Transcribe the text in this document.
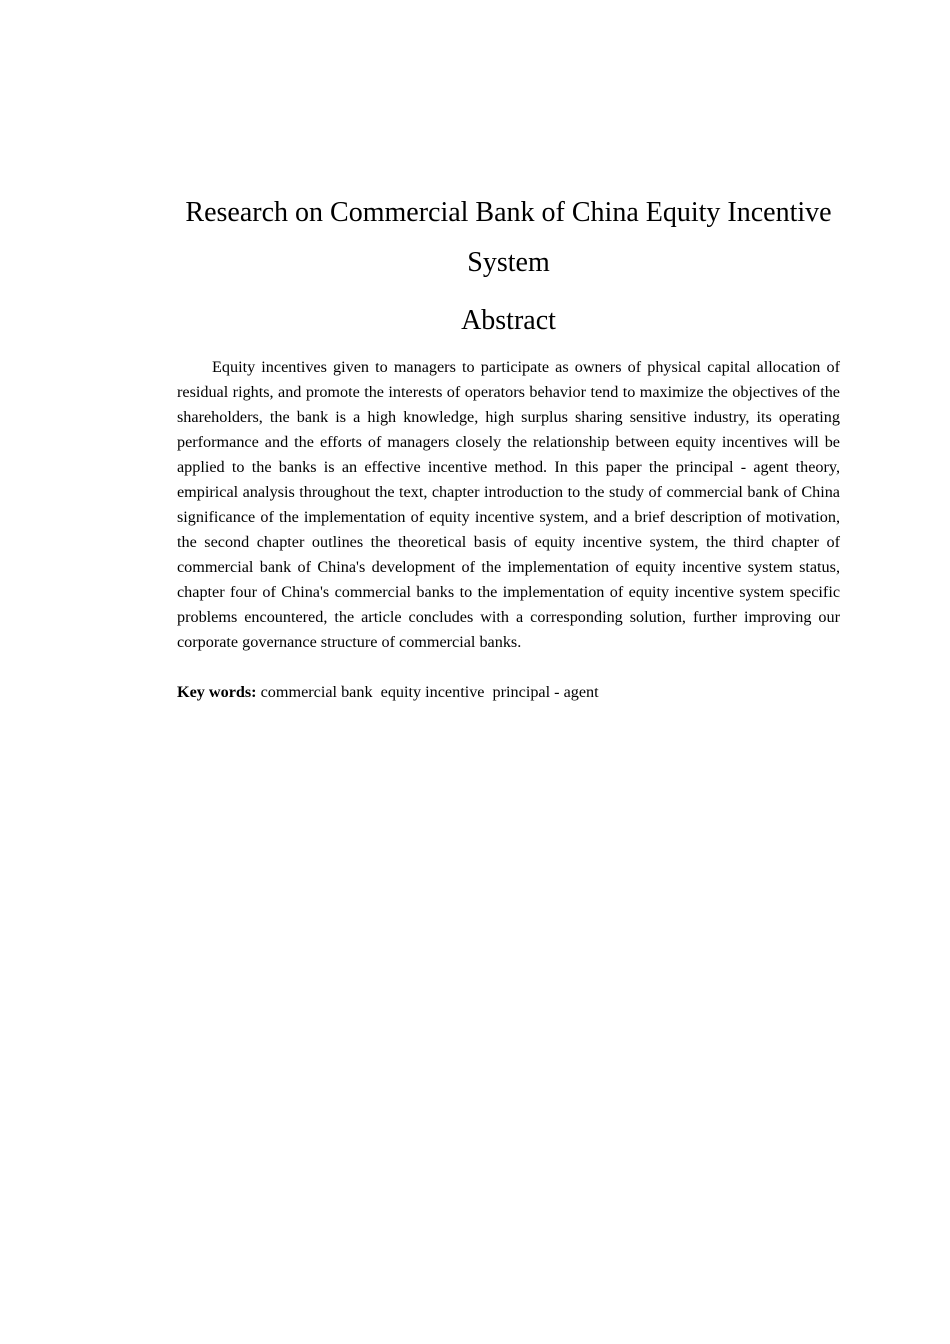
Research on Commercial Bank of China Equity Incentive System
Abstract

Equity incentives given to managers to participate as owners of physical capital allocation of residual rights, and promote the interests of operators behavior tend to maximize the objectives of the shareholders, the bank is a high knowledge, high surplus sharing sensitive industry, its operating performance and the efforts of managers closely the relationship between equity incentives will be applied to the banks is an effective incentive method. In this paper the principal - agent theory, empirical analysis throughout the text, chapter introduction to the study of commercial bank of China significance of the implementation of equity incentive system, and a brief description of motivation, the second chapter outlines the theoretical basis of equity incentive system, the third chapter of commercial bank of China's development of the implementation of equity incentive system status, chapter four of China's commercial banks to the implementation of equity incentive system specific problems encountered, the article concludes with a corresponding solution, further improving our corporate governance structure of commercial banks.

Key words: commercial bank  equity incentive  principal - agent
